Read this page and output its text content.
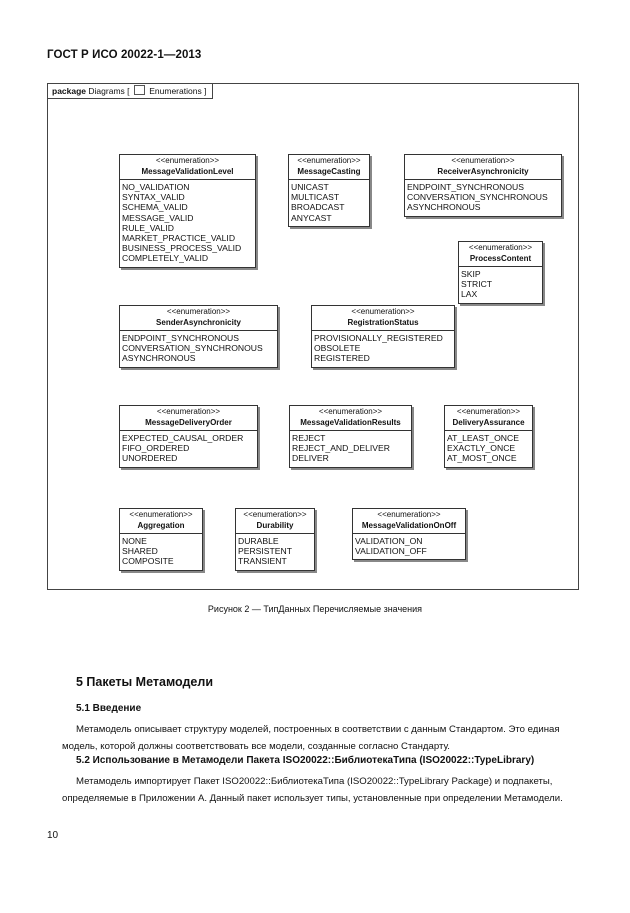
ГОСТ Р ИСО 20022-1—2013
package Diagrams [ Enumerations ]
<<enumeration>>
MessageValidationLevel
NO_VALIDATION
SYNTAX_VALID
SCHEMA_VALID
MESSAGE_VALID
RULE_VALID
MARKET_PRACTICE_VALID
BUSINESS_PROCESS_VALID
COMPLETELY_VALID
<<enumeration>>
MessageCasting
UNICAST
MULTICAST
BROADCAST
ANYCAST
<<enumeration>>
ReceiverAsynchronicity
ENDPOINT_SYNCHRONOUS
CONVERSATION_SYNCHRONOUS
ASYNCHRONOUS
<<enumeration>>
ProcessContent
SKIP
STRICT
LAX
<<enumeration>>
SenderAsynchronicity
ENDPOINT_SYNCHRONOUS
CONVERSATION_SYNCHRONOUS
ASYNCHRONOUS
<<enumeration>>
RegistrationStatus
PROVISIONALLY_REGISTERED
OBSOLETE
REGISTERED
<<enumeration>>
MessageDeliveryOrder
EXPECTED_CAUSAL_ORDER
FIFO_ORDERED
UNORDERED
<<enumeration>>
MessageValidationResults
REJECT
REJECT_AND_DELIVER
DELIVER
<<enumeration>>
DeliveryAssurance
AT_LEAST_ONCE
EXACTLY_ONCE
AT_MOST_ONCE
<<enumeration>>
Aggregation
NONE
SHARED
COMPOSITE
<<enumeration>>
Durability
DURABLE
PERSISTENT
TRANSIENT
<<enumeration>>
MessageValidationOnOff
VALIDATION_ON
VALIDATION_OFF
Рисунок 2 — ТипДанных Перечисляемые значения
5 Пакеты Метамодели
5.1 Введение
Метамодель описывает структуру моделей, построенных в соответствии с данным Стандартом. Это единая модель, которой должны соответствовать все модели, созданные согласно Стандарту.
5.2 Использование в Метамодели Пакета ISO20022::БиблиотекаТипа (ISO20022::TypeLibrary)
Метамодель импортирует Пакет ISO20022::БиблиотекаТипа (ISO20022::TypeLibrary Package) и подпакеты, определяемые в Приложении А. Данный пакет использует типы, установленные при определении Метамодели.
10
